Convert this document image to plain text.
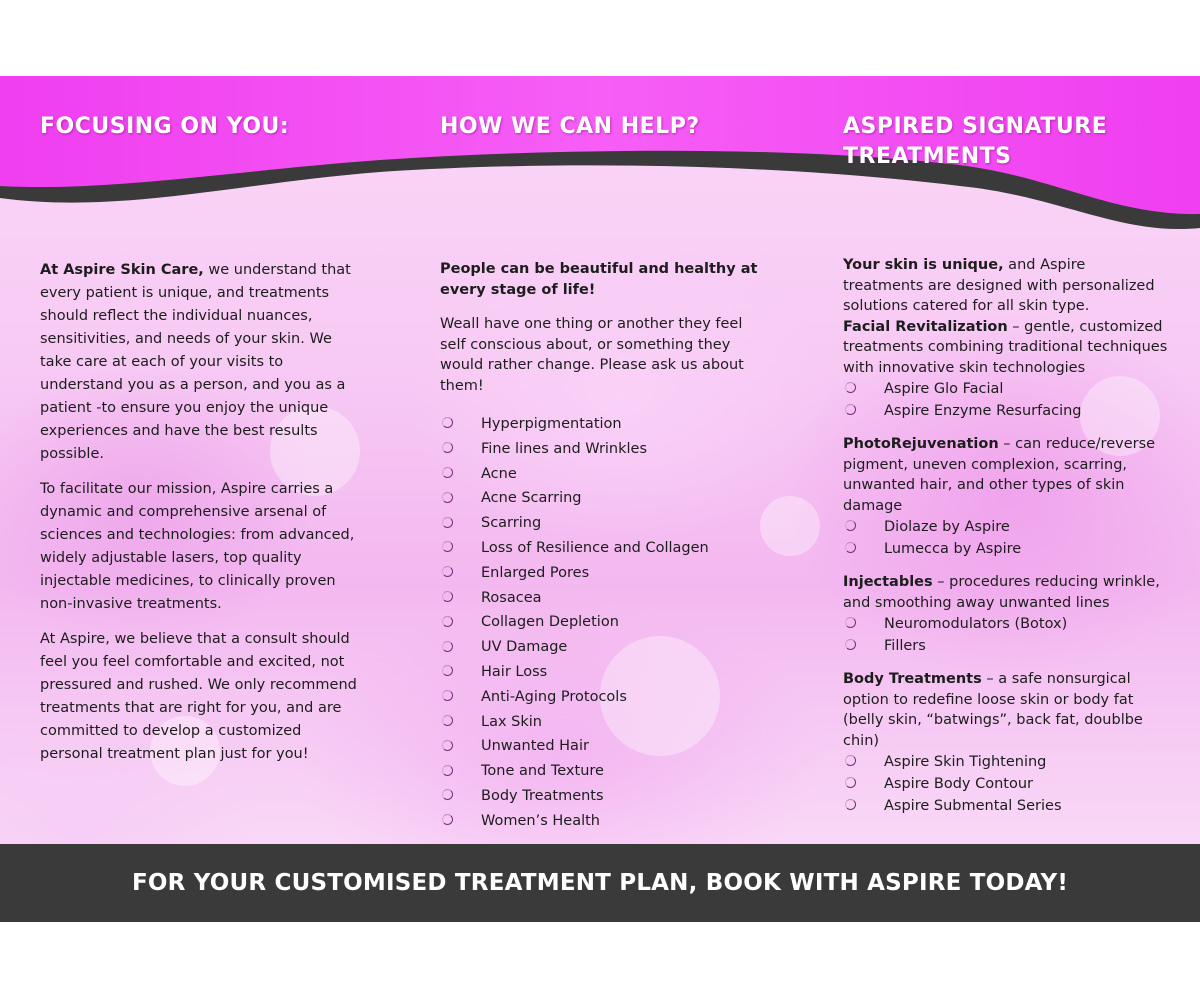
FOCUSING ON YOU:	HOW WE CAN HELP?	ASPIRED SIGNATURE
TREATMENTS

At Aspire Skin Care, we understand that every patient is unique, and treatments should reflect the individual nuances, sensitivities, and needs of your skin. We take care at each of your visits to understand you as a person, and you as a patient -to ensure you enjoy the unique experiences and have the best results possible.

To facilitate our mission, Aspire carries a dynamic and comprehensive arsenal of sciences and technologies: from advanced, widely adjustable lasers, top quality injectable medicines, to clinically proven non-invasive treatments.

At Aspire, we believe that a consult should feel you feel comfortable and excited, not pressured and rushed. We only recommend treatments that are right for you, and are committed to develop a customized personal treatment plan just for you!

People can be beautiful and healthy at every stage of life!

Weall have one thing or another they feel self conscious about, or something they would rather change. Please ask us about them!

Hyperpigmentation
Fine lines and Wrinkles
Acne
Acne Scarring
Scarring
Loss of Resilience and Collagen
Enlarged Pores
Rosacea
Collagen Depletion
UV Damage
Hair Loss
Anti-Aging Protocols
Lax Skin
Unwanted Hair
Tone and Texture
Body Treatments
Women’s Health

Your skin is unique, and Aspire treatments are designed with personalized solutions catered for all skin type.

Facial Revitalization – gentle, customized treatments combining traditional techniques with innovative skin technologies

Aspire Glo Facial
Aspire Enzyme Resurfacing

PhotoRejuvenation – can reduce/reverse pigment, uneven complexion, scarring, unwanted hair, and other types of skin damage

Diolaze by Aspire
Lumecca by Aspire

Injectables – procedures reducing wrinkle, and smoothing away unwanted lines

Neuromodulators (Botox)
Fillers

Body Treatments – a safe nonsurgical option to redefine loose skin or body fat (belly skin, “batwings”, back fat, doublbe chin)

Aspire Skin Tightening
Aspire Body Contour
Aspire Submental Series
FOR YOUR CUSTOMISED TREATMENT PLAN, BOOK WITH ASPIRE TODAY!
